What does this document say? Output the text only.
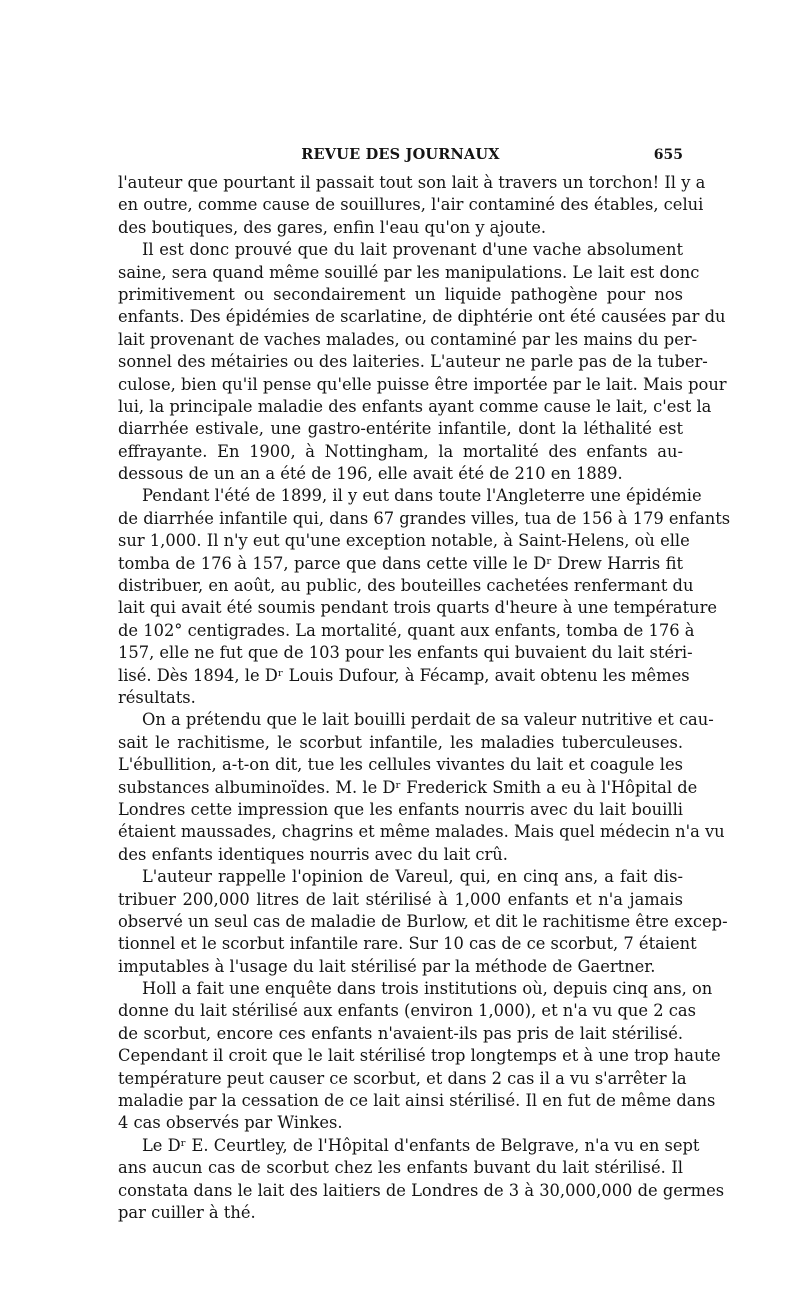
REVUE DES JOURNAUX	655

l'auteur que pourtant il passait tout son lait à travers un torchon! Il y a
en outre, comme cause de souillures, l'air contaminé des étables, celui
des boutiques, des gares, enfin l'eau qu'on y ajoute.

Il est donc prouvé que du lait provenant d'une vache absolument
saine, sera quand même souillé par les manipulations. Le lait est donc
primitivement ou secondairement un liquide pathogène pour nos
enfants. Des épidémies de scarlatine, de diphtérie ont été causées par du
lait provenant de vaches malades, ou contaminé par les mains du per-
sonnel des métairies ou des laiteries. L'auteur ne parle pas de la tuber-
culose, bien qu'il pense qu'elle puisse être importée par le lait. Mais pour
lui, la principale maladie des enfants ayant comme cause le lait, c'est la
diarrhée estivale, une gastro-entérite infantile, dont la léthalité est
effrayante. En 1900, à Nottingham, la mortalité des enfants au-
dessous de un an a été de 196, elle avait été de 210 en 1889.

Pendant l'été de 1899, il y eut dans toute l'Angleterre une épidémie
de diarrhée infantile qui, dans 67 grandes villes, tua de 156 à 179 enfants
sur 1,000. Il n'y eut qu'une exception notable, à Saint-Helens, où elle
tomba de 176 à 157, parce que dans cette ville le Dʳ Drew Harris fit
distribuer, en août, au public, des bouteilles cachetées renfermant du
lait qui avait été soumis pendant trois quarts d'heure à une température
de 102° centigrades. La mortalité, quant aux enfants, tomba de 176 à
157, elle ne fut que de 103 pour les enfants qui buvaient du lait stéri-
lisé. Dès 1894, le Dʳ Louis Dufour, à Fécamp, avait obtenu les mêmes
résultats.

On a prétendu que le lait bouilli perdait de sa valeur nutritive et cau-
sait le rachitisme, le scorbut infantile, les maladies tuberculeuses.
L'ébullition, a-t-on dit, tue les cellules vivantes du lait et coagule les
substances albuminoïdes. M. le Dʳ Frederick Smith a eu à l'Hôpital de
Londres cette impression que les enfants nourris avec du lait bouilli
étaient maussades, chagrins et même malades. Mais quel médecin n'a vu
des enfants identiques nourris avec du lait crû.

L'auteur rappelle l'opinion de Vareul, qui, en cinq ans, a fait dis-
tribuer 200,000 litres de lait stérilisé à 1,000 enfants et n'a jamais
observé un seul cas de maladie de Burlow, et dit le rachitisme être excep-
tionnel et le scorbut infantile rare. Sur 10 cas de ce scorbut, 7 étaient
imputables à l'usage du lait stérilisé par la méthode de Gaertner.

Holl a fait une enquête dans trois institutions où, depuis cinq ans, on
donne du lait stérilisé aux enfants (environ 1,000), et n'a vu que 2 cas
de scorbut, encore ces enfants n'avaient-ils pas pris de lait stérilisé.
Cependant il croit que le lait stérilisé trop longtemps et à une trop haute
température peut causer ce scorbut, et dans 2 cas il a vu s'arrêter la
maladie par la cessation de ce lait ainsi stérilisé. Il en fut de même dans
4 cas observés par Winkes.

Le Dʳ E. Ceurtley, de l'Hôpital d'enfants de Belgrave, n'a vu en sept
ans aucun cas de scorbut chez les enfants buvant du lait stérilisé. Il
constata dans le lait des laitiers de Londres de 3 à 30,000,000 de germes
par cuiller à thé.
